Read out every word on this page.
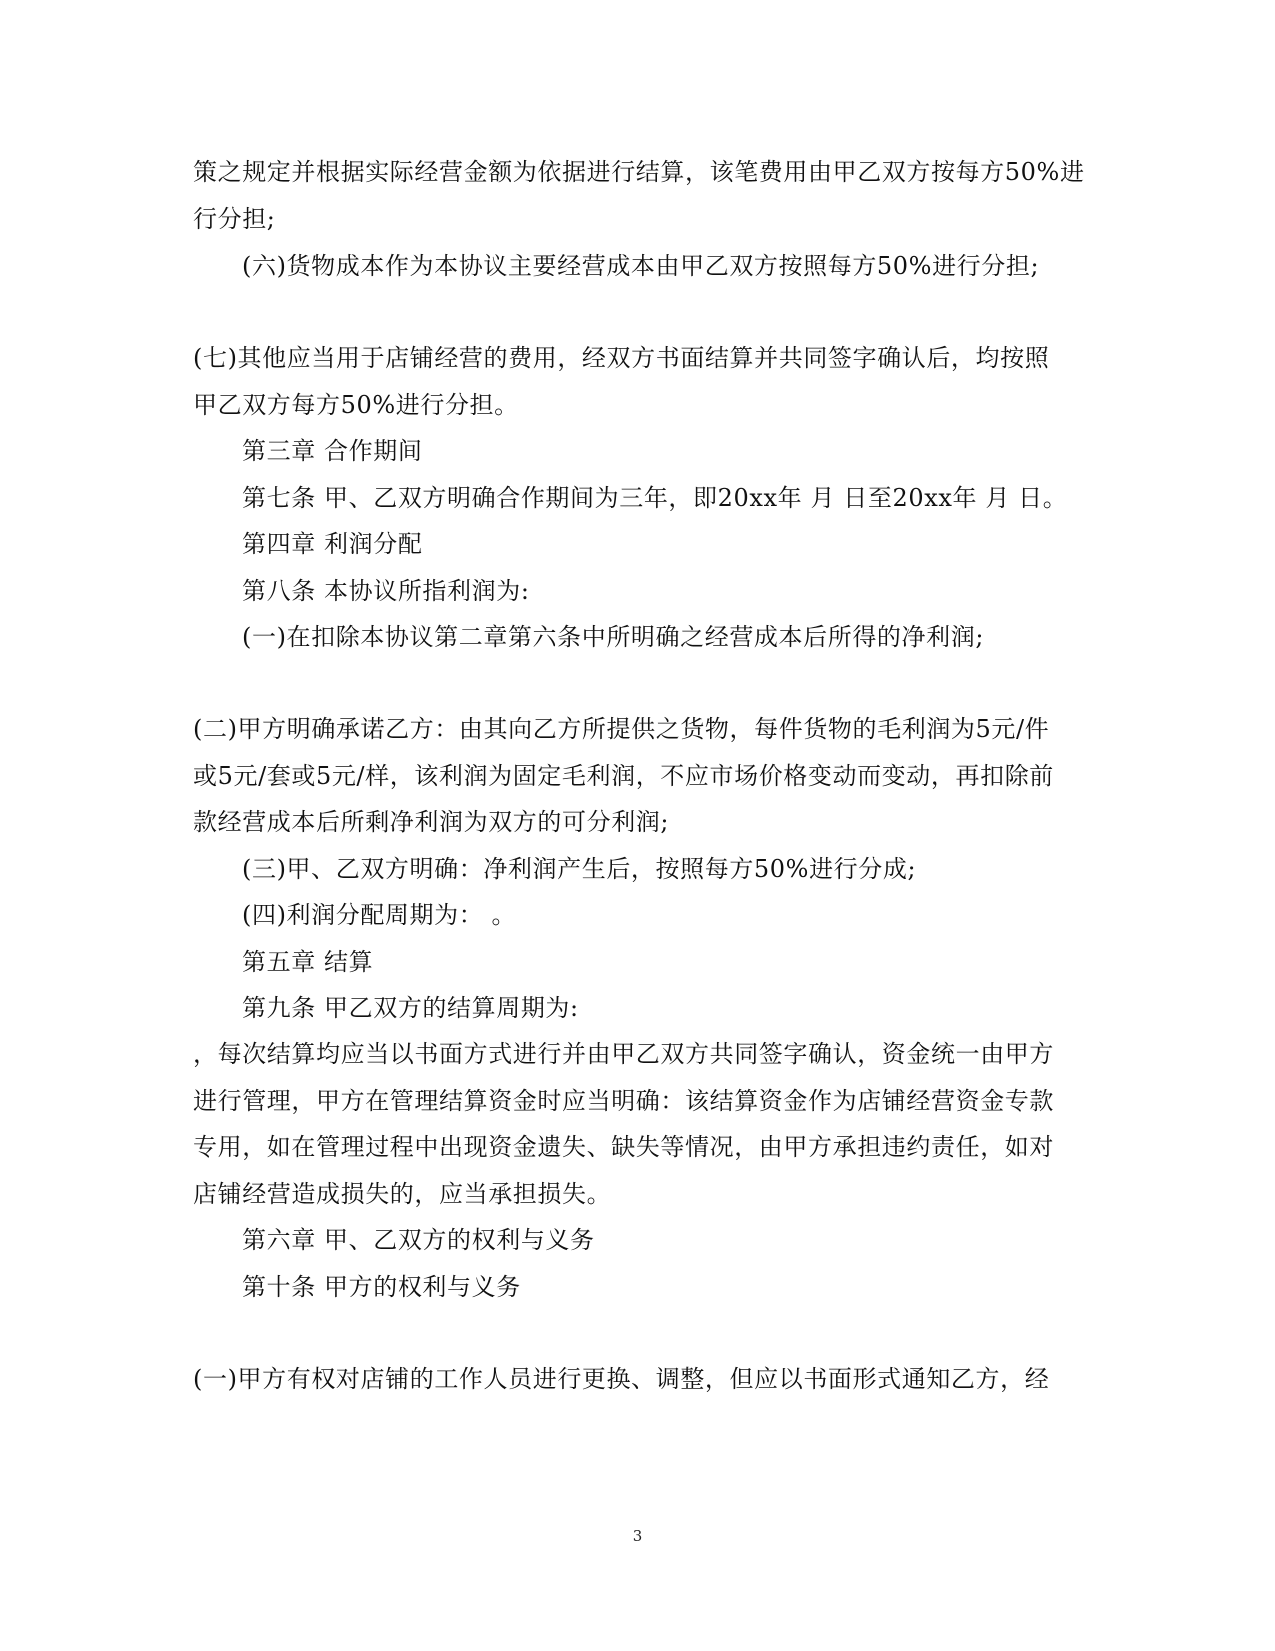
策之规定并根据实际经营金额为依据进行结算，该笔费用由甲乙双方按每方50%进
行分担;
(六)货物成本作为本协议主要经营成本由甲乙双方按照每方50%进行分担;
(七)其他应当用于店铺经营的费用，经双方书面结算并共同签字确认后，均按照
甲乙双方每方50%进行分担。
第三章 合作期间
第七条 甲、乙双方明确合作期间为三年，即20xx年 月 日至20xx年 月 日。
第四章 利润分配
第八条 本协议所指利润为:
(一)在扣除本协议第二章第六条中所明确之经营成本后所得的净利润;
(二)甲方明确承诺乙方：由其向乙方所提供之货物，每件货物的毛利润为5元/件
或5元/套或5元/样，该利润为固定毛利润，不应市场价格变动而变动，再扣除前
款经营成本后所剩净利润为双方的可分利润;
(三)甲、乙双方明确：净利润产生后，按照每方50%进行分成;
(四)利润分配周期为： 。
第五章 结算
第九条 甲乙双方的结算周期为:
，每次结算均应当以书面方式进行并由甲乙双方共同签字确认，资金统一由甲方
进行管理，甲方在管理结算资金时应当明确：该结算资金作为店铺经营资金专款
专用，如在管理过程中出现资金遗失、缺失等情况，由甲方承担违约责任，如对
店铺经营造成损失的，应当承担损失。
第六章 甲、乙双方的权利与义务
第十条 甲方的权利与义务
(一)甲方有权对店铺的工作人员进行更换、调整，但应以书面形式通知乙方，经
3
